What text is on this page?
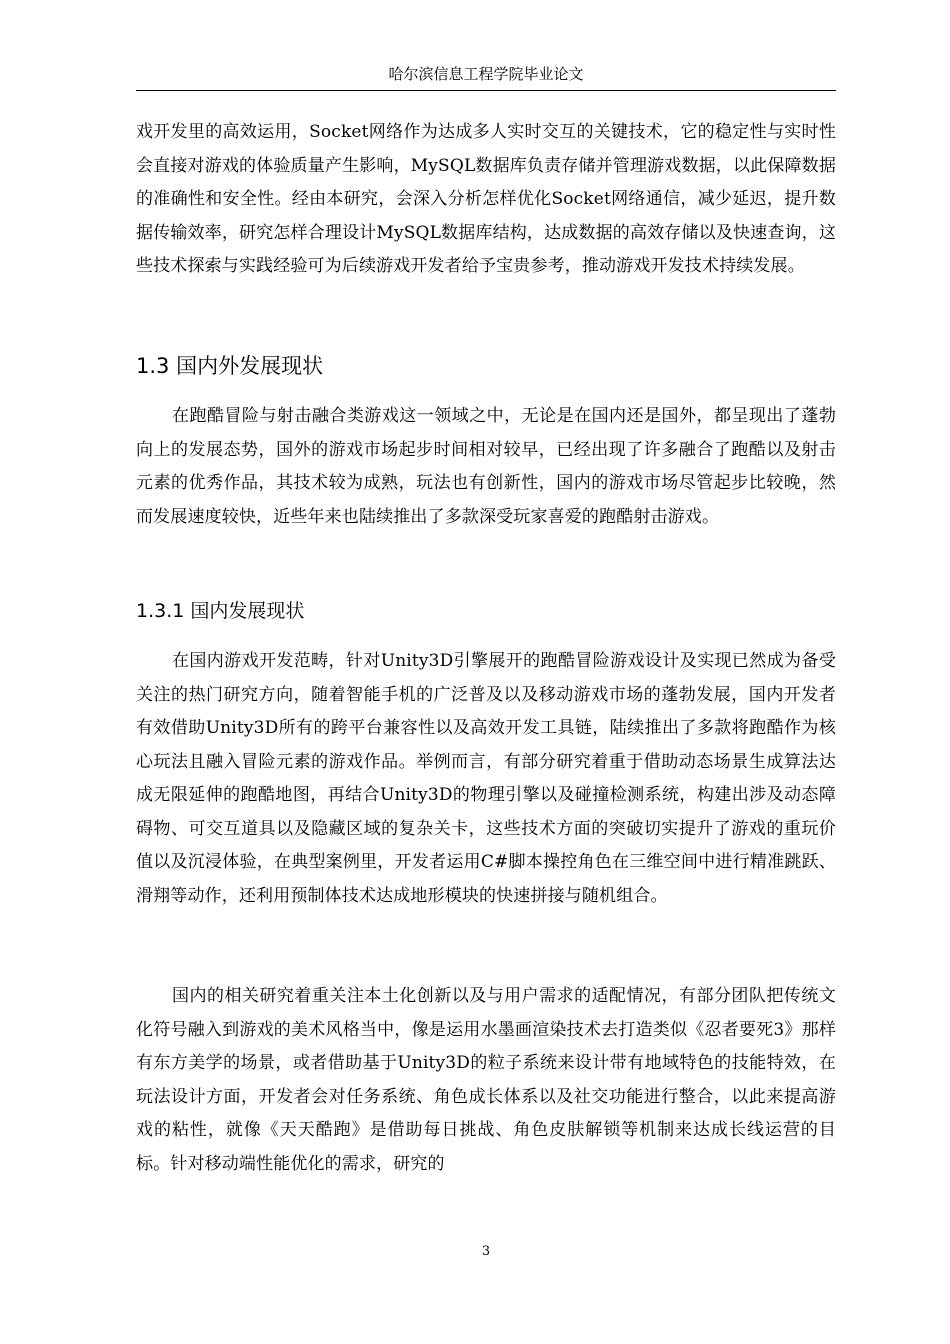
哈尔滨信息工程学院毕业论文

戏开发里的高效运用，Socket网络作为达成多人实时交互的关键技术，它的稳定性与实时性会直接对游戏的体验质量产生影响，MySQL数据库负责存储并管理游戏数据，以此保障数据的准确性和安全性。经由本研究，会深入分析怎样优化Socket网络通信，减少延迟，提升数据传输效率，研究怎样合理设计MySQL数据库结构，达成数据的高效存储以及快速查询，这些技术探索与实践经验可为后续游戏开发者给予宝贵参考，推动游戏开发技术持续发展。

1.3 国内外发展现状

在跑酷冒险与射击融合类游戏这一领域之中，无论是在国内还是国外，都呈现出了蓬勃向上的发展态势，国外的游戏市场起步时间相对较早，已经出现了许多融合了跑酷以及射击元素的优秀作品，其技术较为成熟，玩法也有创新性，国内的游戏市场尽管起步比较晚，然而发展速度较快，近些年来也陆续推出了多款深受玩家喜爱的跑酷射击游戏。

1.3.1 国内发展现状

在国内游戏开发范畴，针对Unity3D引擎展开的跑酷冒险游戏设计及实现已然成为备受关注的热门研究方向，随着智能手机的广泛普及以及移动游戏市场的蓬勃发展，国内开发者有效借助Unity3D所有的跨平台兼容性以及高效开发工具链，陆续推出了多款将跑酷作为核心玩法且融入冒险元素的游戏作品。举例而言，有部分研究着重于借助动态场景生成算法达成无限延伸的跑酷地图，再结合Unity3D的物理引擎以及碰撞检测系统，构建出涉及动态障碍物、可交互道具以及隐藏区域的复杂关卡，这些技术方面的突破切实提升了游戏的重玩价值以及沉浸体验，在典型案例里，开发者运用C#脚本操控角色在三维空间中进行精准跳跃、滑翔等动作，还利用预制体技术达成地形模块的快速拼接与随机组合。

国内的相关研究着重关注本土化创新以及与用户需求的适配情况，有部分团队把传统文化符号融入到游戏的美术风格当中，像是运用水墨画渲染技术去打造类似《忍者要死3》那样有东方美学的场景，或者借助基于Unity3D的粒子系统来设计带有地域特色的技能特效，在玩法设计方面，开发者会对任务系统、角色成长体系以及社交功能进行整合，以此来提高游戏的粘性，就像《天天酷跑》是借助每日挑战、角色皮肤解锁等机制来达成长线运营的目标。针对移动端性能优化的需求，研究的

3
